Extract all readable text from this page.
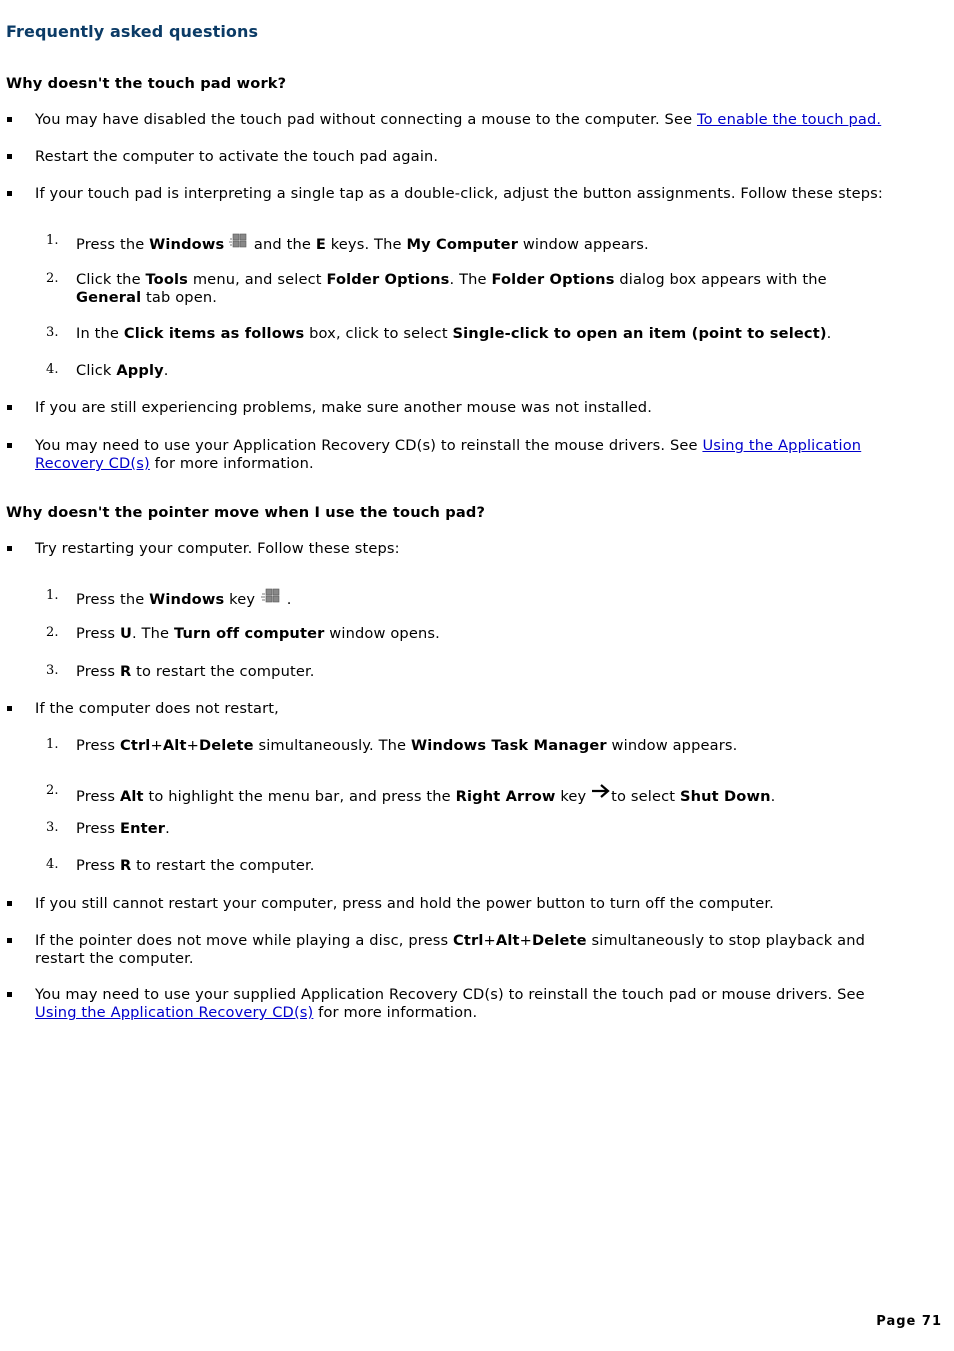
Frequently asked questions
Why doesn't the touch pad work?
You may have disabled the touch pad without connecting a mouse to the computer. See To enable the touch pad.
Restart the computer to activate the touch pad again.
If your touch pad is interpreting a single tap as a double-click, adjust the button assignments. Follow these steps:
1. Press the Windows  and the E keys. The My Computer window appears.
2. Click the Tools menu, and select Folder Options. The Folder Options dialog box appears with the
General tab open.
3. In the Click items as follows box, click to select Single-click to open an item (point to select).
4. Click Apply.
If you are still experiencing problems, make sure another mouse was not installed.
You may need to use your Application Recovery CD(s) to reinstall the mouse drivers. See Using the Application
Recovery CD(s) for more information.
Why doesn't the pointer move when I use the touch pad?
Try restarting your computer. Follow these steps:
1. Press the Windows key  .
2. Press U. The Turn off computer window opens.
3. Press R to restart the computer.
If the computer does not restart,
1. Press Ctrl+Alt+Delete simultaneously. The Windows Task Manager window appears.
2. Press Alt to highlight the menu bar, and press the Right Arrow key to select Shut Down.
3. Press Enter.
4. Press R to restart the computer.
If you still cannot restart your computer, press and hold the power button to turn off the computer.
If the pointer does not move while playing a disc, press Ctrl+Alt+Delete simultaneously to stop playback and
restart the computer.
You may need to use your supplied Application Recovery CD(s) to reinstall the touch pad or mouse drivers. See
Using the Application Recovery CD(s) for more information.
Page 71
